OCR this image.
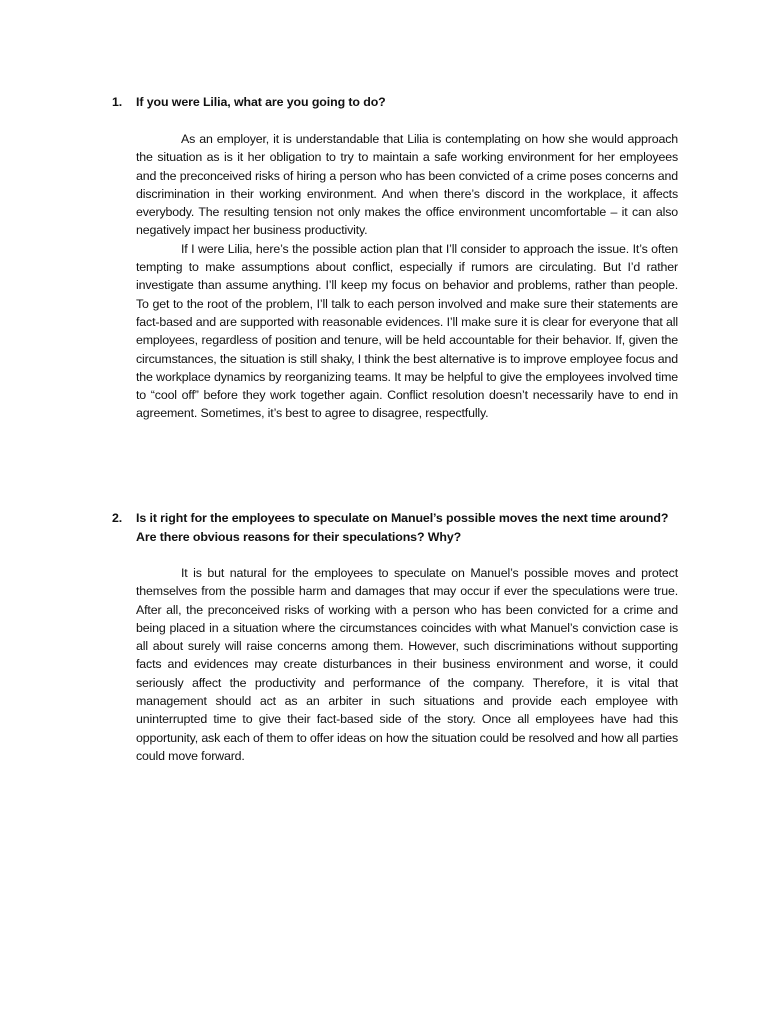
1. If you were Lilia, what are you going to do?

As an employer, it is understandable that Lilia is contemplating on how she would approach the situation as is it her obligation to try to maintain a safe working environment for her employees and the preconceived risks of hiring a person who has been convicted of a crime poses concerns and discrimination in their working environment. And when there’s discord in the workplace, it affects everybody. The resulting tension not only makes the office environment uncomfortable – it can also negatively impact her business productivity.

If I were Lilia, here’s the possible action plan that I’ll consider to approach the issue. It’s often tempting to make assumptions about conflict, especially if rumors are circulating. But I’d rather investigate than assume anything. I’ll keep my focus on behavior and problems, rather than people. To get to the root of the problem, I’ll talk to each person involved and make sure their statements are fact-based and are supported with reasonable evidences. I’ll make sure it is clear for everyone that all employees, regardless of position and tenure, will be held accountable for their behavior. If, given the circumstances, the situation is still shaky, I think the best alternative is to improve employee focus and the workplace dynamics by reorganizing teams. It may be helpful to give the employees involved time to “cool off” before they work together again. Conflict resolution doesn’t necessarily have to end in agreement. Sometimes, it’s best to agree to disagree, respectfully.

2. Is it right for the employees to speculate on Manuel’s possible moves the next time around? Are there obvious reasons for their speculations? Why?

It is but natural for the employees to speculate on Manuel’s possible moves and protect themselves from the possible harm and damages that may occur if ever the speculations were true. After all, the preconceived risks of working with a person who has been convicted for a crime and being placed in a situation where the circumstances coincides with what Manuel’s conviction case is all about surely will raise concerns among them. However, such discriminations without supporting facts and evidences may create disturbances in their business environment and worse, it could seriously affect the productivity and performance of the company. Therefore, it is vital that management should act as an arbiter in such situations and provide each employee with uninterrupted time to give their fact-based side of the story. Once all employees have had this opportunity, ask each of them to offer ideas on how the situation could be resolved and how all parties could move forward.
